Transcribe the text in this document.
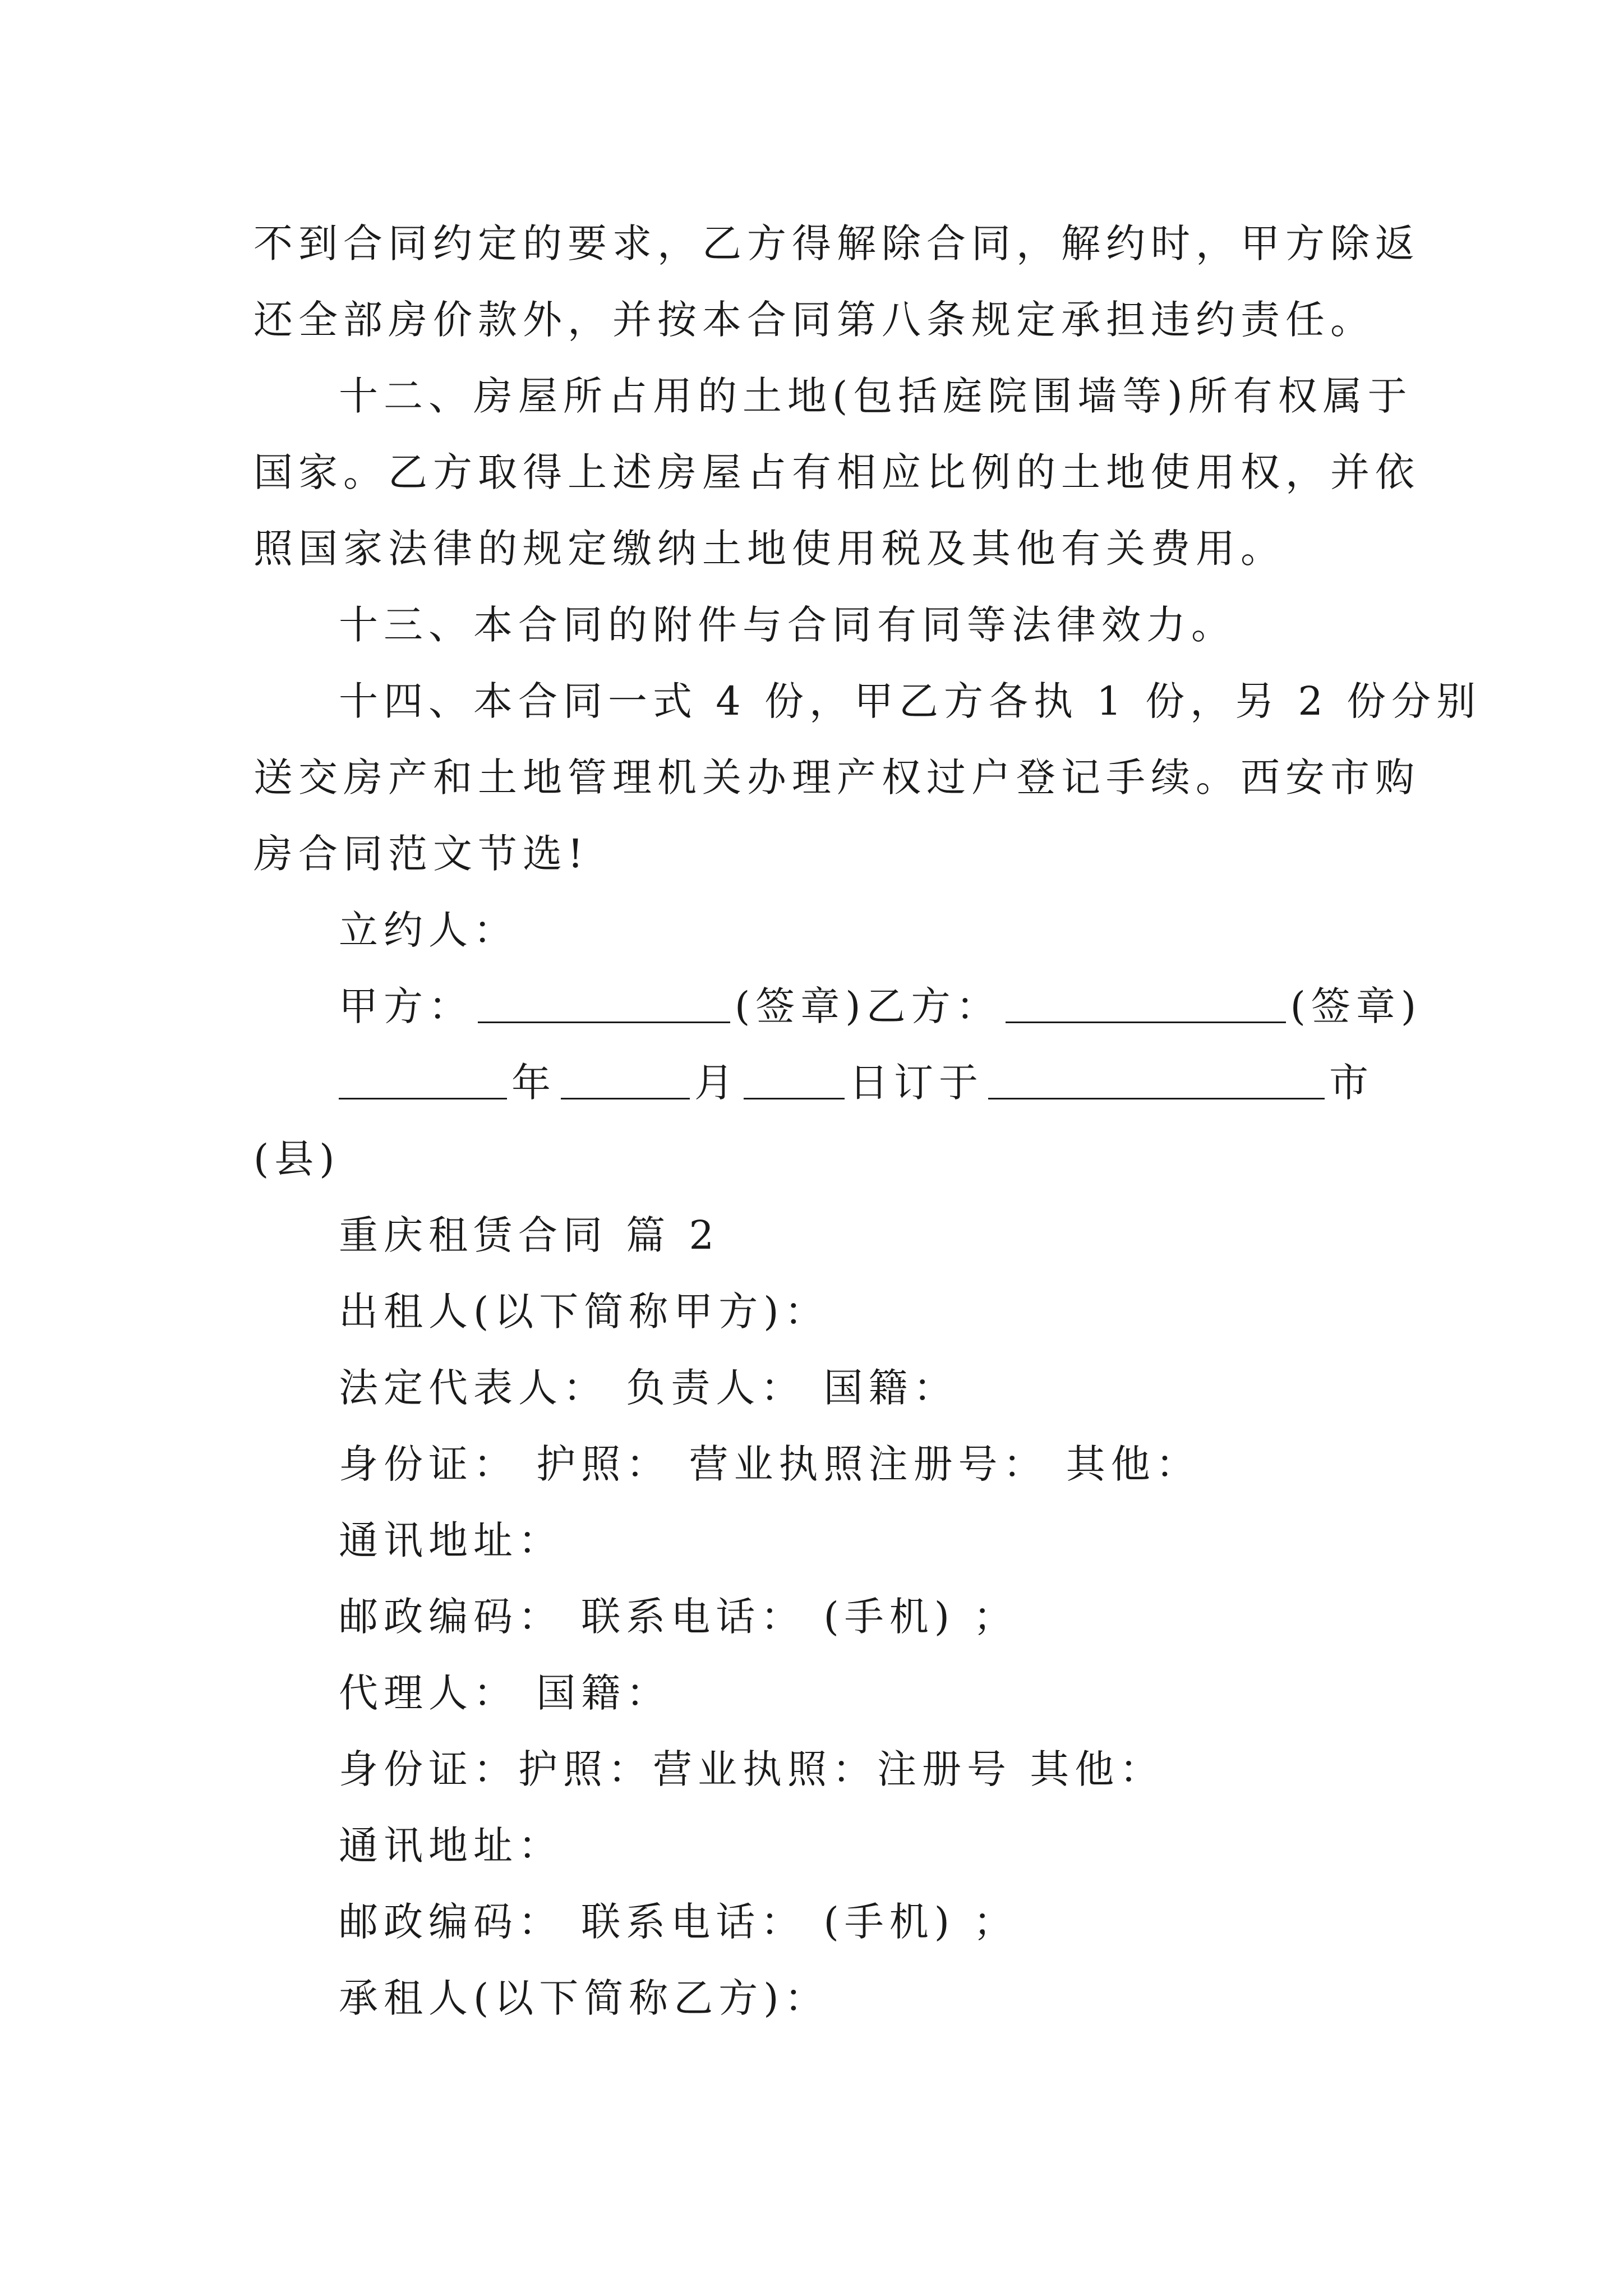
不到合同约定的要求，乙方得解除合同，解约时，甲方除返
还全部房价款外，并按本合同第八条规定承担违约责任。
十二、房屋所占用的土地(包括庭院围墙等)所有权属于
国家。乙方取得上述房屋占有相应比例的土地使用权，并依
照国家法律的规定缴纳土地使用税及其他有关费用。
十三、本合同的附件与合同有同等法律效力。
十四、本合同一式 4 份，甲乙方各执 1 份，另 2 份分别
送交房产和土地管理机关办理产权过户登记手续。西安市购
房合同范文节选!
立约人：
甲方：	(签章)乙方：	(签章)
年	月	日订于	市
(县)
重庆租赁合同 篇 2
出租人(以下简称甲方)：
法定代表人： 负责人： 国籍：
身份证： 护照： 营业执照注册号： 其他：
通讯地址：
邮政编码： 联系电话： (手机) ；
代理人： 国籍：
身份证：护照：营业执照：注册号 其他：
通讯地址：
邮政编码： 联系电话： (手机) ；
承租人(以下简称乙方)：
